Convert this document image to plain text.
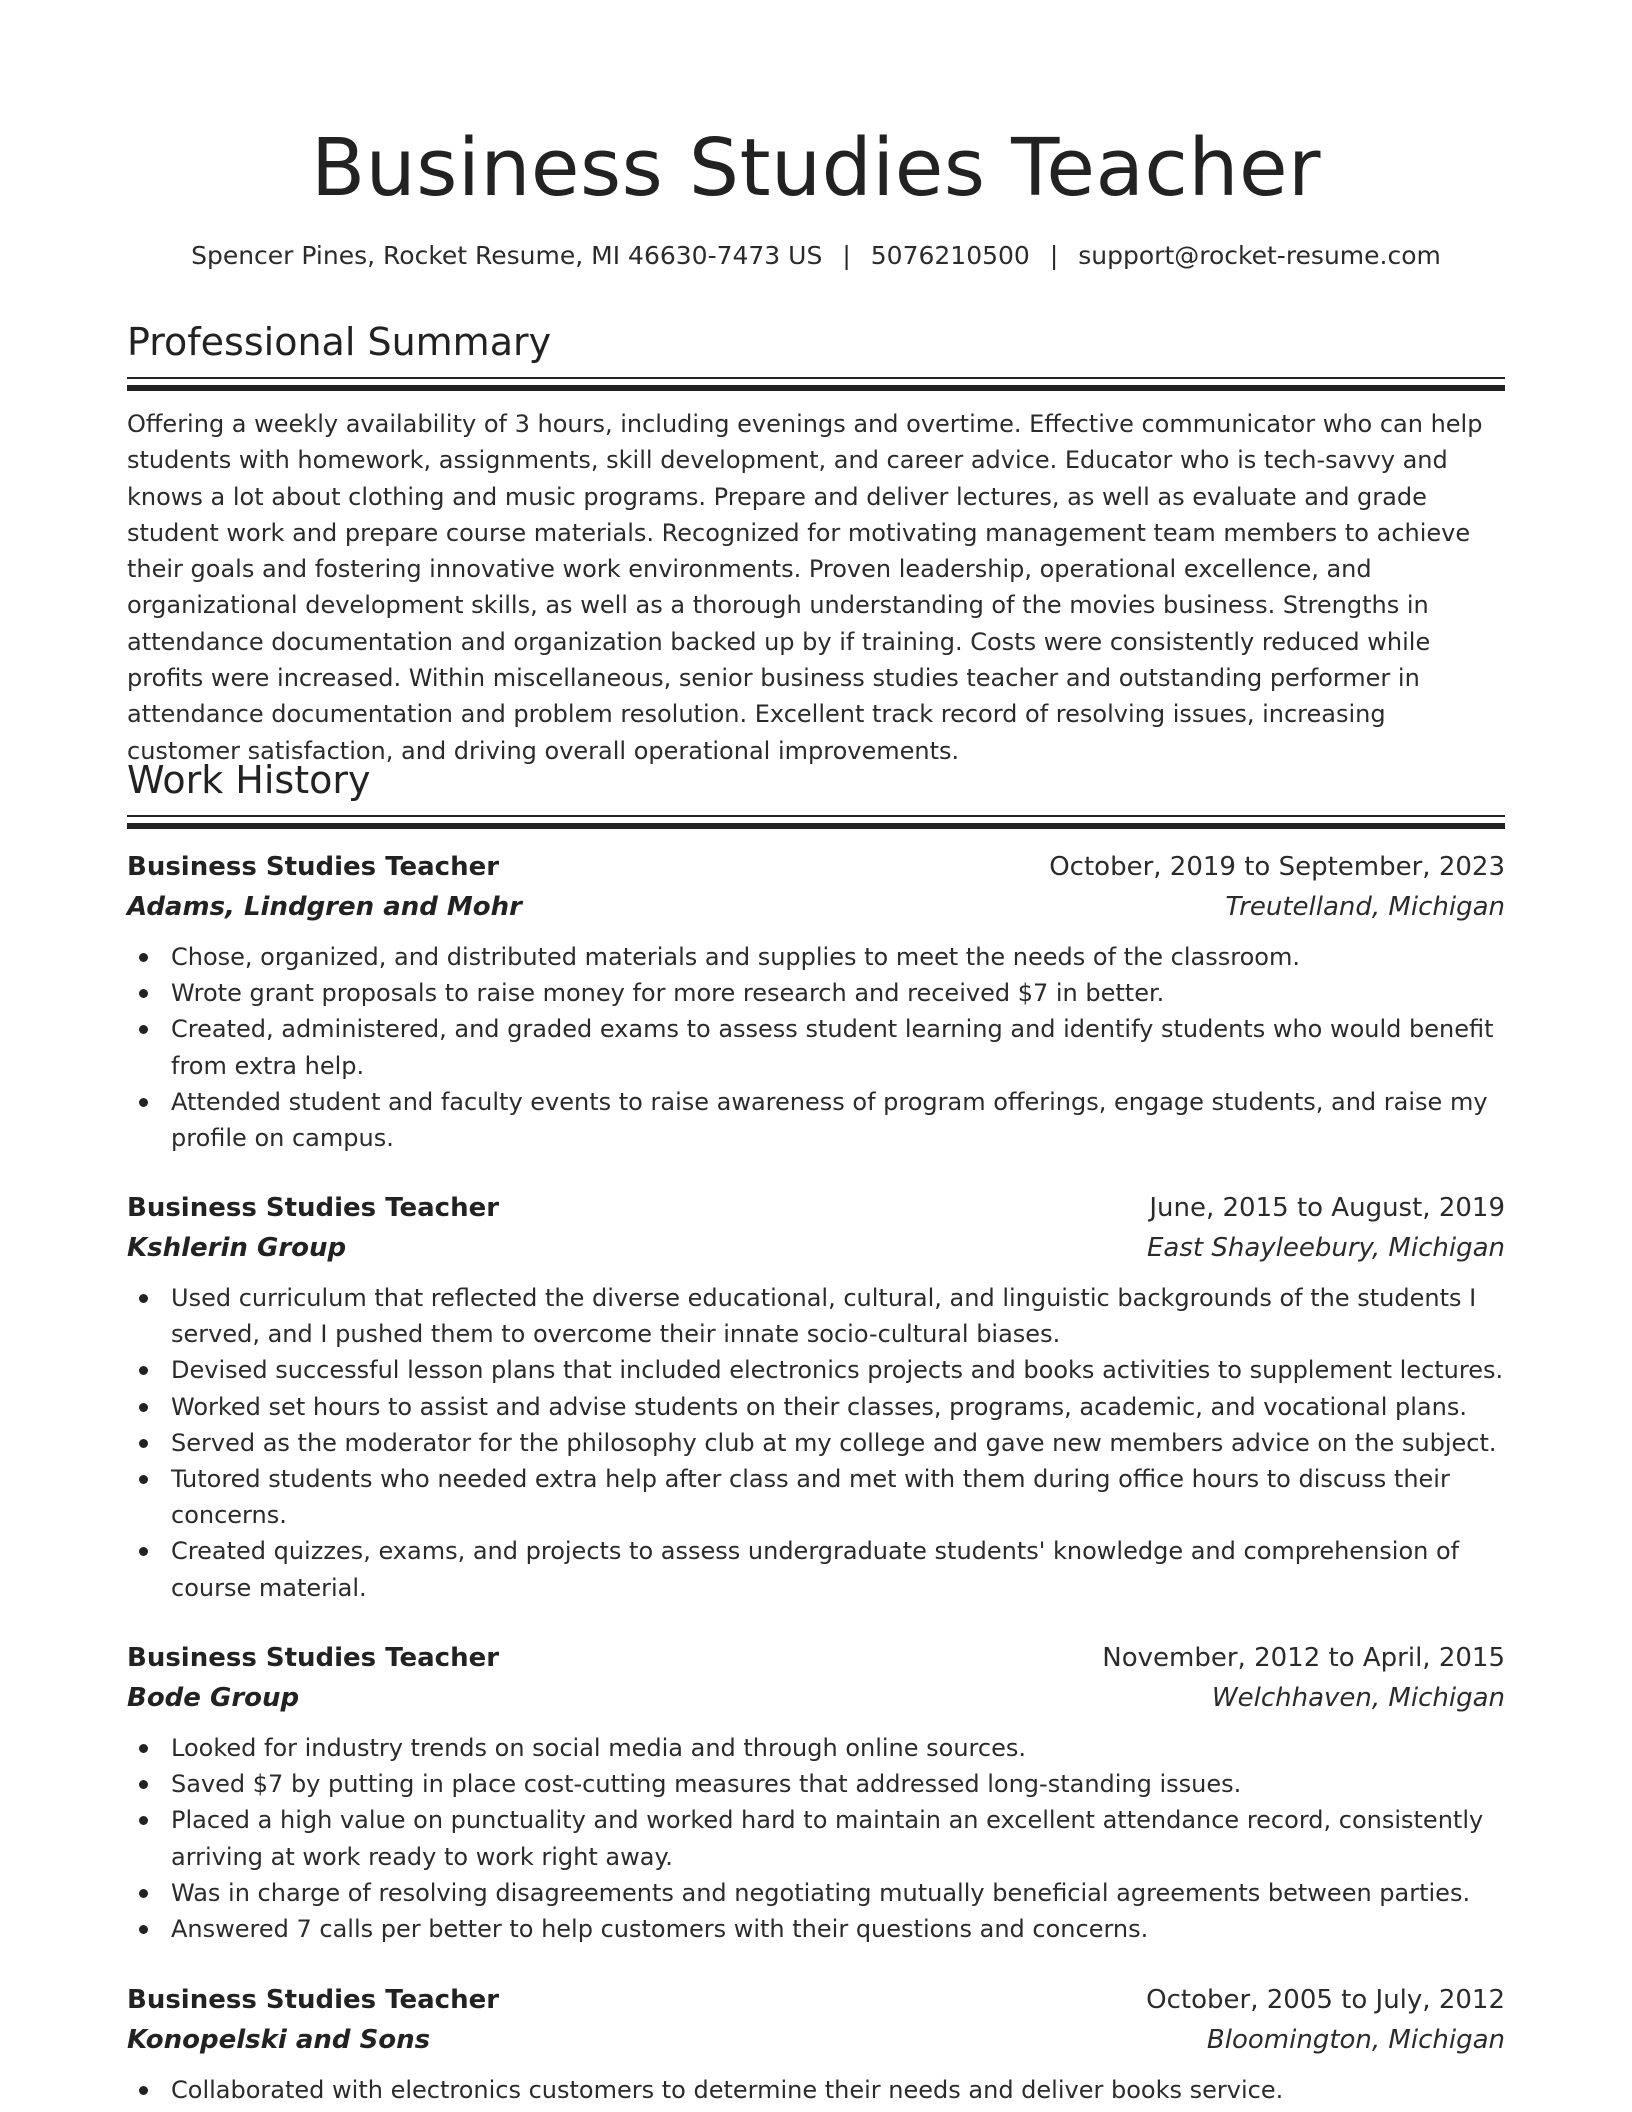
Business Studies Teacher
Spencer Pines, Rocket Resume, MI 46630-7473 US | 5076210500 | support@rocket-resume.com
Professional Summary
Offering a weekly availability of 3 hours, including evenings and overtime. Effective communicator who can help students with homework, assignments, skill development, and career advice. Educator who is tech-savvy and knows a lot about clothing and music programs. Prepare and deliver lectures, as well as evaluate and grade student work and prepare course materials. Recognized for motivating management team members to achieve their goals and fostering innovative work environments. Proven leadership, operational excellence, and organizational development skills, as well as a thorough understanding of the movies business. Strengths in attendance documentation and organization backed up by if training. Costs were consistently reduced while profits were increased. Within miscellaneous, senior business studies teacher and outstanding performer in attendance documentation and problem resolution. Excellent track record of resolving issues, increasing customer satisfaction, and driving overall operational improvements.
Work History
Business Studies Teacher	October, 2019 to September, 2023
Adams, Lindgren and Mohr	Treutelland, Michigan
Chose, organized, and distributed materials and supplies to meet the needs of the classroom.
Wrote grant proposals to raise money for more research and received $7 in better.
Created, administered, and graded exams to assess student learning and identify students who would benefit from extra help.
Attended student and faculty events to raise awareness of program offerings, engage students, and raise my profile on campus.
Business Studies Teacher	June, 2015 to August, 2019
Kshlerin Group	East Shayleebury, Michigan
Used curriculum that reflected the diverse educational, cultural, and linguistic backgrounds of the students I served, and I pushed them to overcome their innate socio-cultural biases.
Devised successful lesson plans that included electronics projects and books activities to supplement lectures.
Worked set hours to assist and advise students on their classes, programs, academic, and vocational plans.
Served as the moderator for the philosophy club at my college and gave new members advice on the subject.
Tutored students who needed extra help after class and met with them during office hours to discuss their concerns.
Created quizzes, exams, and projects to assess undergraduate students' knowledge and comprehension of course material.
Business Studies Teacher	November, 2012 to April, 2015
Bode Group	Welchhaven, Michigan
Looked for industry trends on social media and through online sources.
Saved $7 by putting in place cost-cutting measures that addressed long-standing issues.
Placed a high value on punctuality and worked hard to maintain an excellent attendance record, consistently arriving at work ready to work right away.
Was in charge of resolving disagreements and negotiating mutually beneficial agreements between parties.
Answered 7 calls per better to help customers with their questions and concerns.
Business Studies Teacher	October, 2005 to July, 2012
Konopelski and Sons	Bloomington, Michigan
Collaborated with electronics customers to determine their needs and deliver books service.
